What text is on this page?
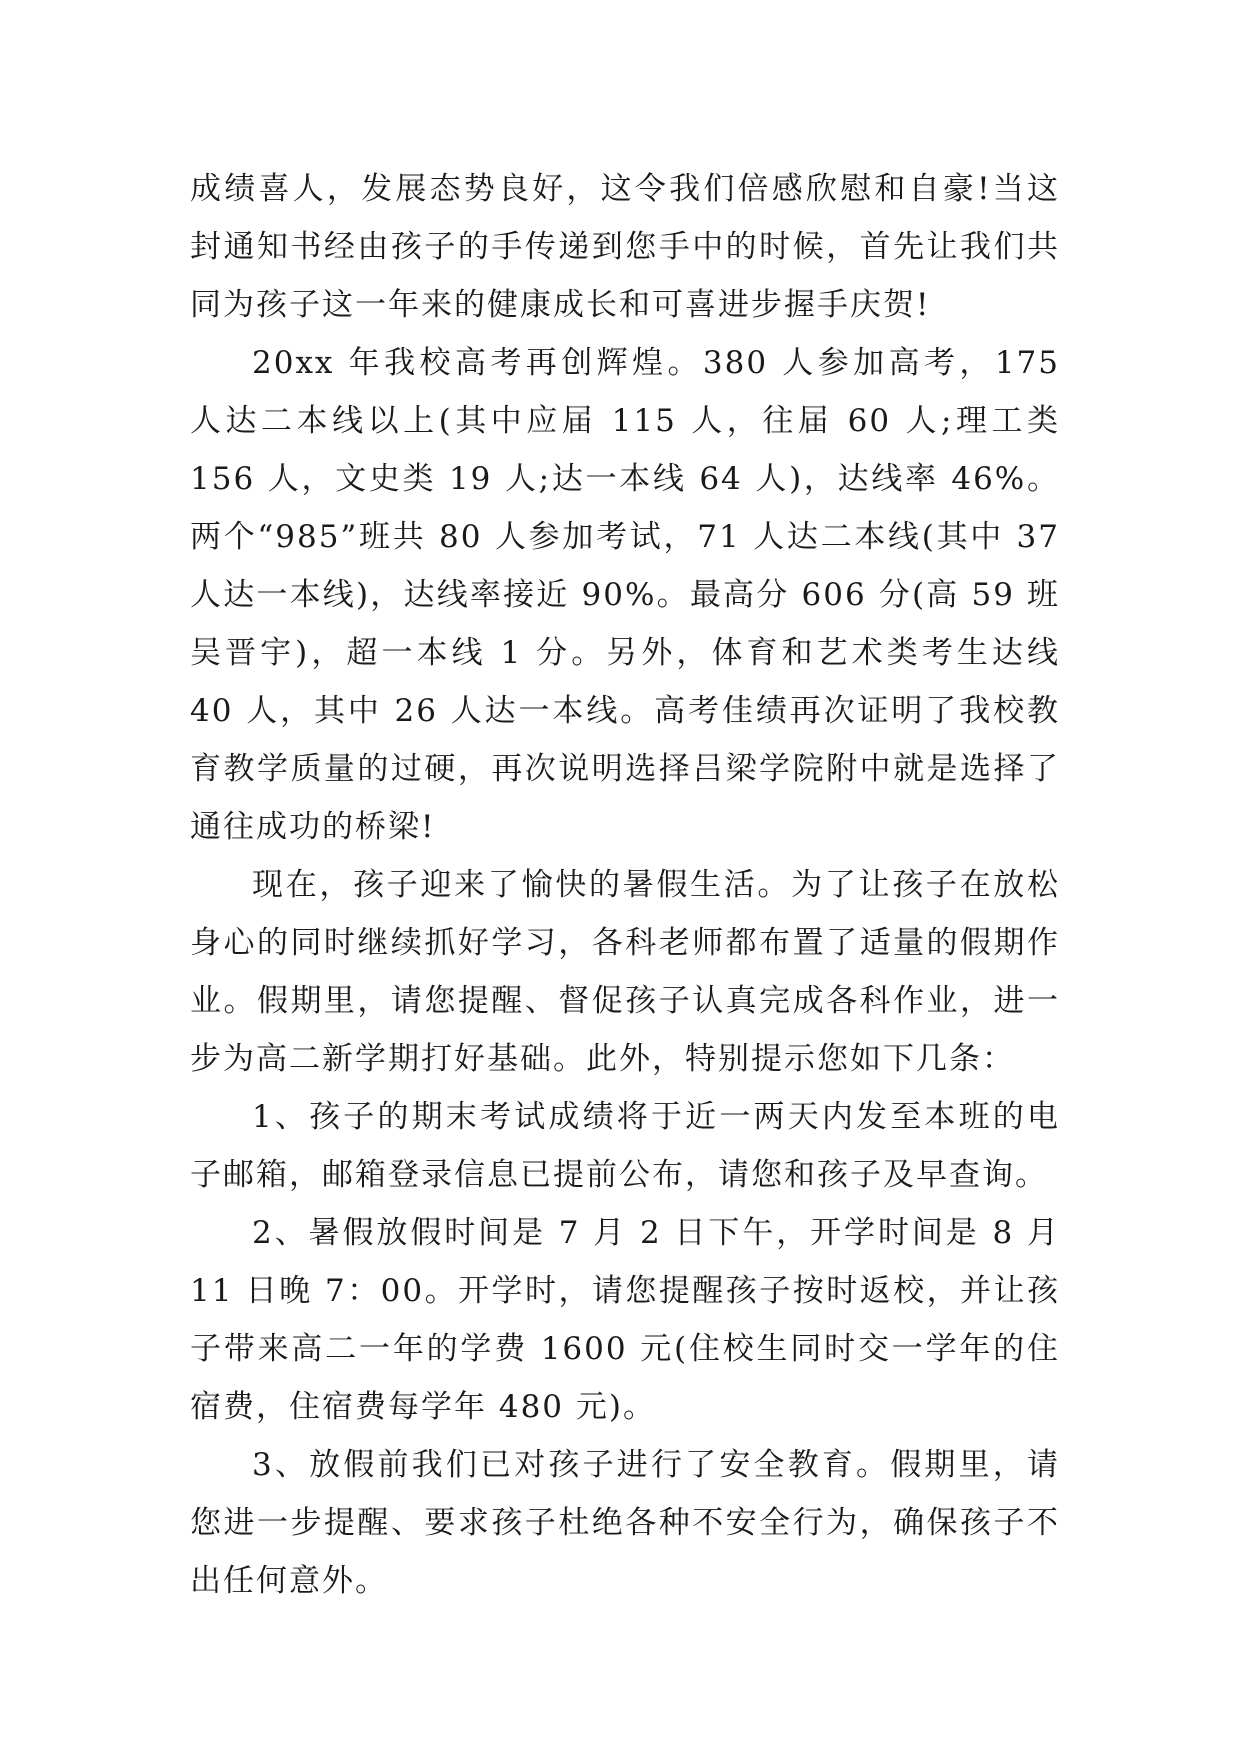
成绩喜人，发展态势良好，这令我们倍感欣慰和自豪!当这封通知书经由孩子的手传递到您手中的时候，首先让我们共同为孩子这一年来的健康成长和可喜进步握手庆贺!

20xx 年我校高考再创辉煌。380 人参加高考，175 人达二本线以上(其中应届 115 人，往届 60 人;理工类 156 人，文史类 19 人;达一本线 64 人)，达线率 46%。两个“985”班共 80 人参加考试，71 人达二本线(其中 37 人达一本线)，达线率接近 90%。最高分 606 分(高 59 班吴晋宇)，超一本线 1 分。另外，体育和艺术类考生达线 40 人，其中 26 人达一本线。高考佳绩再次证明了我校教育教学质量的过硬，再次说明选择吕梁学院附中就是选择了通往成功的桥梁!

现在，孩子迎来了愉快的暑假生活。为了让孩子在放松身心的同时继续抓好学习，各科老师都布置了适量的假期作业。假期里，请您提醒、督促孩子认真完成各科作业，进一步为高二新学期打好基础。此外，特别提示您如下几条：

1、孩子的期末考试成绩将于近一两天内发至本班的电子邮箱，邮箱登录信息已提前公布，请您和孩子及早查询。

2、暑假放假时间是 7 月 2 日下午，开学时间是 8 月 11 日晚 7：00。开学时，请您提醒孩子按时返校，并让孩子带来高二一年的学费 1600 元(住校生同时交一学年的住宿费，住宿费每学年 480 元)。

3、放假前我们已对孩子进行了安全教育。假期里，请您进一步提醒、要求孩子杜绝各种不安全行为，确保孩子不出任何意外。
